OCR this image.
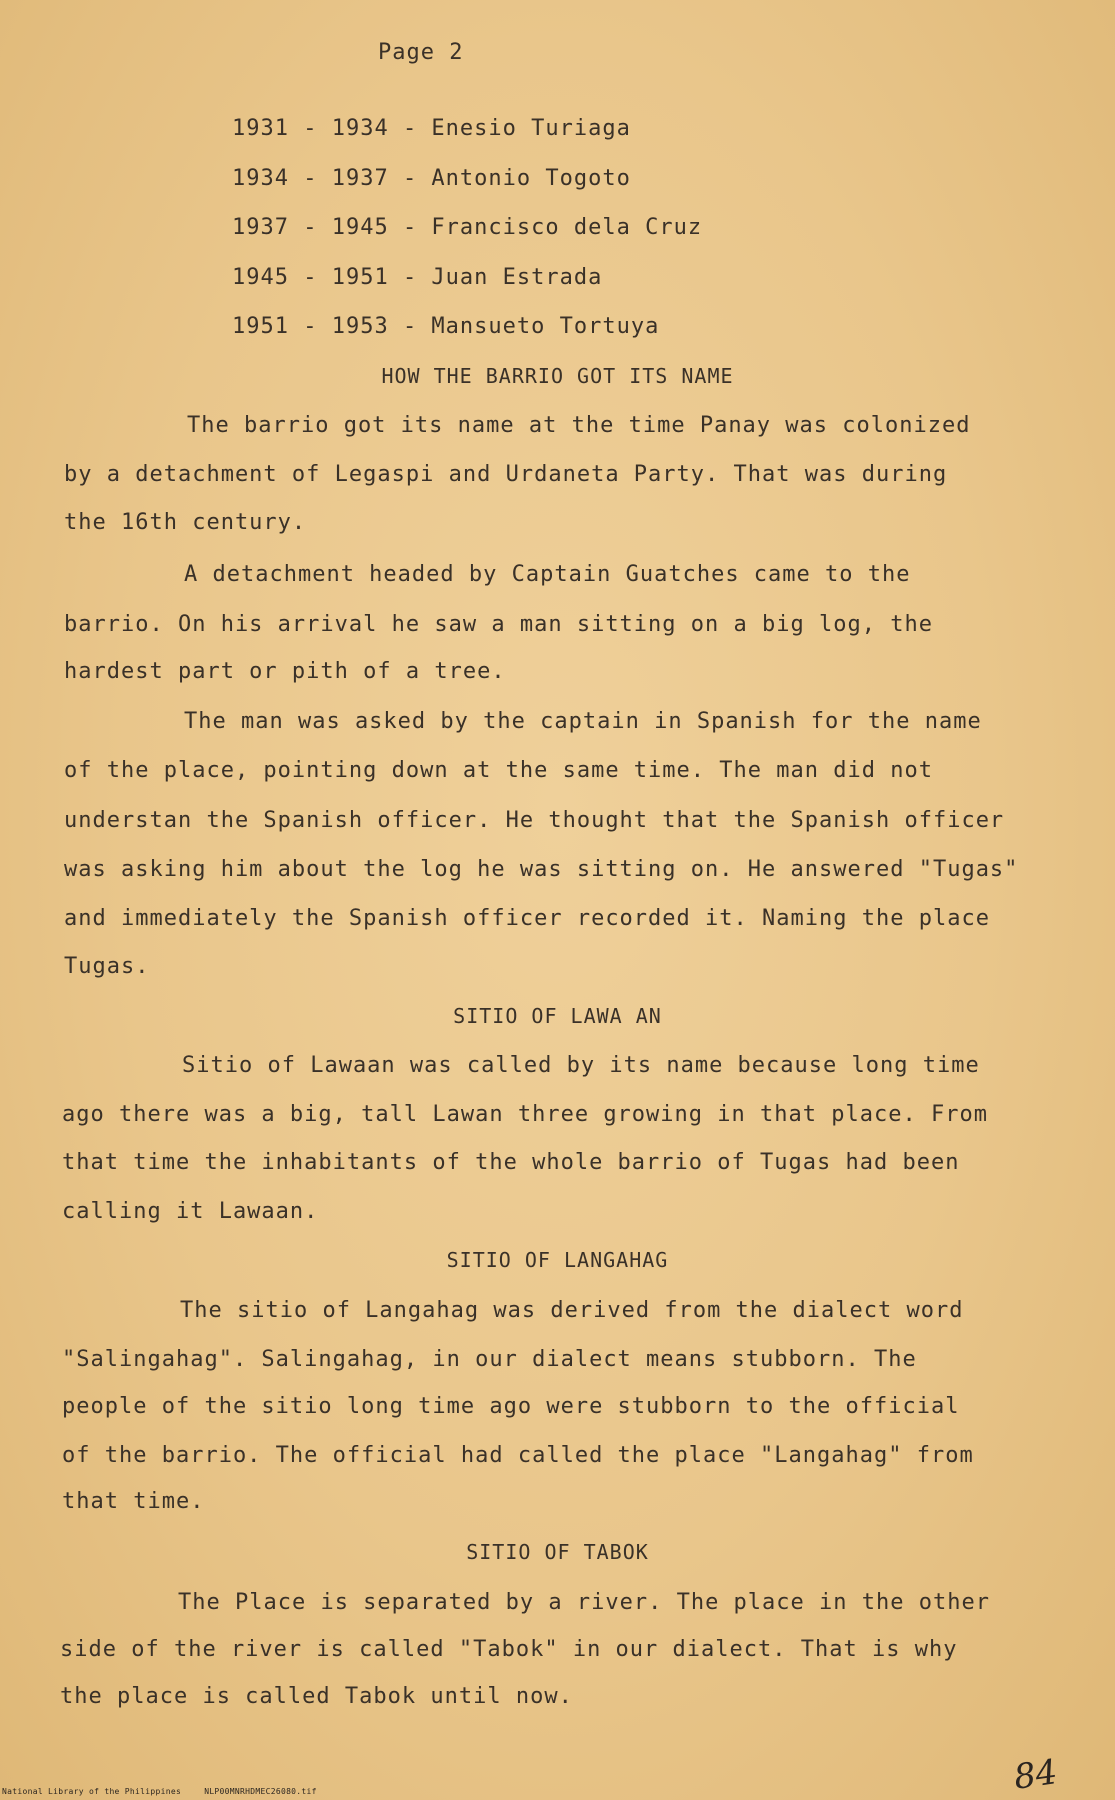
Page 2
1931 - 1934 - Enesio Turiaga
1934 - 1937 - Antonio Togoto
1937 - 1945 - Francisco dela Cruz
1945 - 1951 - Juan Estrada
1951 - 1953 - Mansueto Tortuya
HOW THE BARRIO GOT ITS NAME
The barrio got its name at the time Panay was colonized
by a detachment of Legaspi and Urdaneta Party. That was during
the 16th century.
A detachment headed by Captain Guatches came to the
barrio. On his arrival he saw a man sitting on a big log, the
hardest part or pith of a tree.
The man was asked by the captain in Spanish for the name
of the place, pointing down at the same time. The man did not
understan the Spanish officer. He thought that the Spanish officer
was asking him about the log he was sitting on. He answered "Tugas"
and immediately the Spanish officer recorded it. Naming the place
Tugas.
SITIO OF LAWA AN
Sitio of Lawaan was called by its name because long time
ago there was a big, tall Lawan three growing in that place. From
that time the inhabitants of the whole barrio of Tugas had been
calling it Lawaan.
SITIO OF LANGAHAG
The sitio of Langahag was derived from the dialect word
"Salingahag". Salingahag, in our dialect means stubborn. The
people of the sitio long time ago were stubborn to the official
of the barrio. The official had called the place "Langahag" from
that time.
SITIO OF TABOK
The Place is separated by a river. The place in the other
side of the river is called "Tabok" in our dialect. That is why
the place is called Tabok until now.
84
National Library of the Philippines	NLP00MNRHDMEC26080.tif
